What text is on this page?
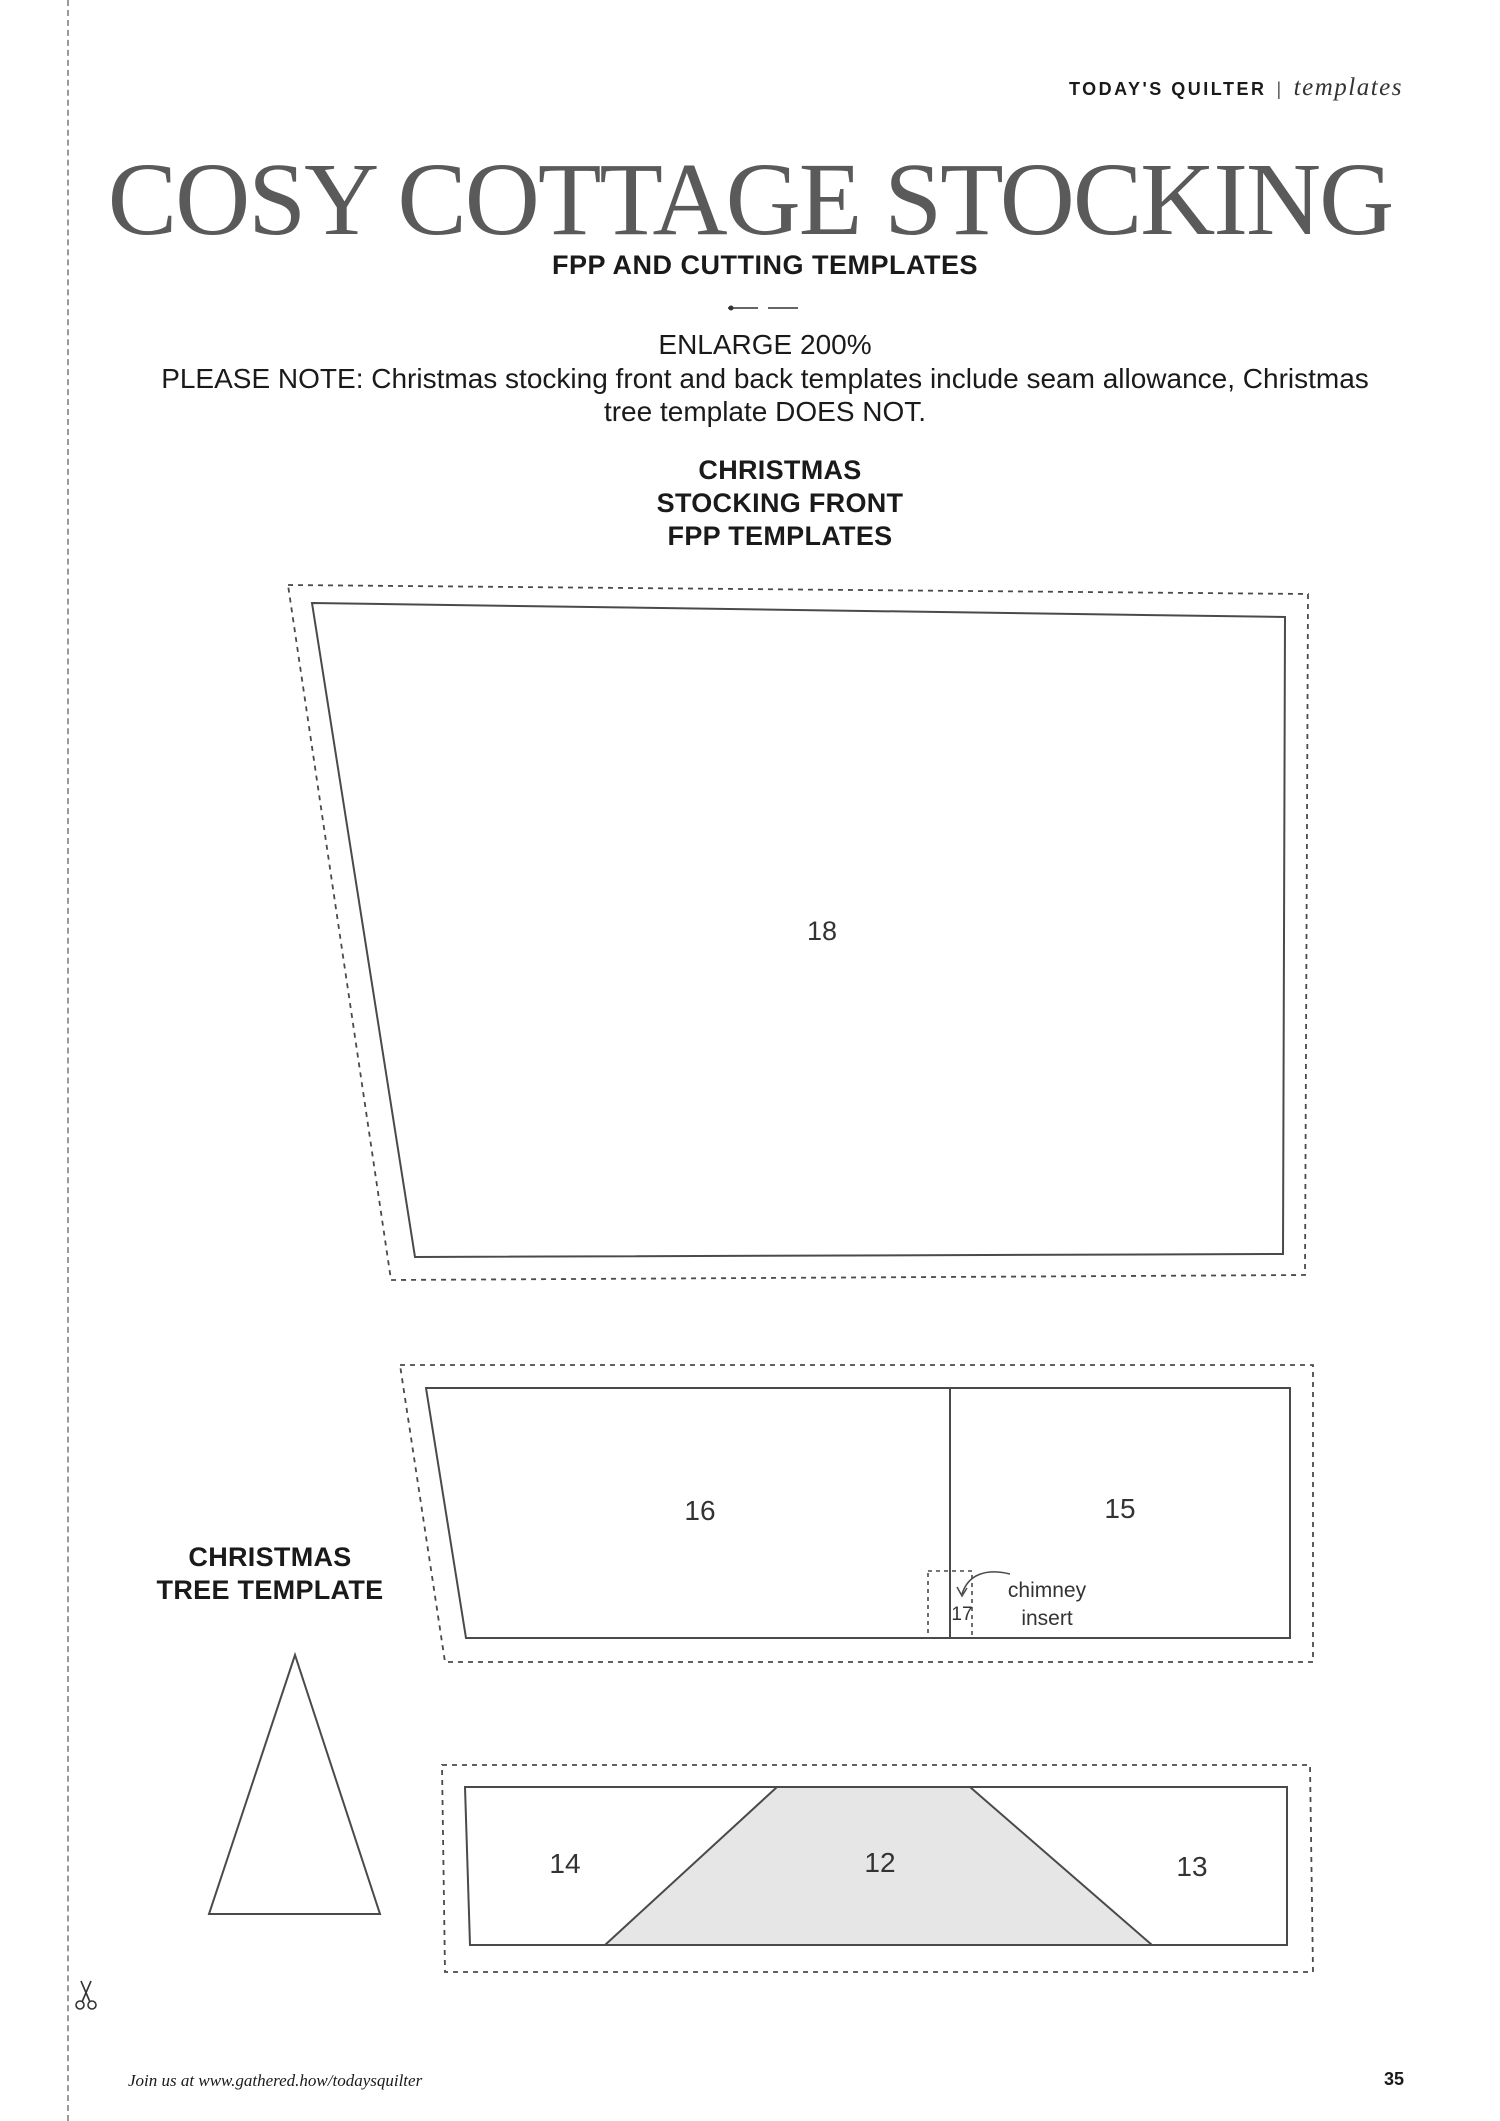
TODAY'S QUILTER | templates
COSY COTTAGE STOCKING
FPP AND CUTTING TEMPLATES
ENLARGE 200%
PLEASE NOTE: Christmas stocking front and back templates include seam allowance, Christmas tree template DOES NOT.
CHRISTMAS
STOCKING FRONT
FPP TEMPLATES
CHRISTMAS
TREE TEMPLATE
18
16	15
17
chimney
insert
14	12	13
Join us at www.gathered.how/todaysquilter	35
